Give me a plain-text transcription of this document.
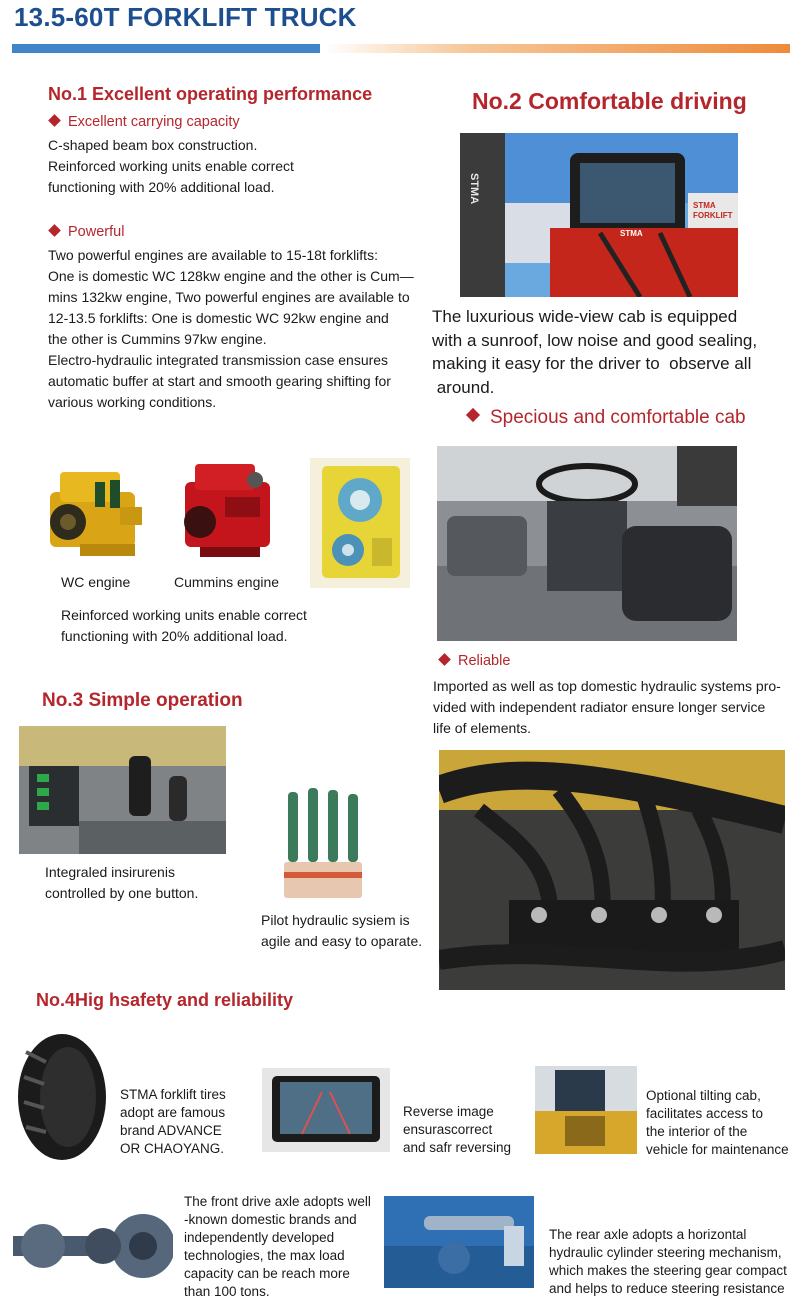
13.5-60T FORKLIFT TRUCK
No.1 Excellent operating performance
Excellent carrying capacity

C-shaped beam box construction.

Reinforced working units enable correct

functioning with 20% additional load.

Powerful

Two powerful engines are available to 15-18t forklifts:

One is domestic WC 128kw engine and the other is Cum—

mins 132kw engine, Two powerful engines are available to

12-13.5 forklifts: One is domestic WC 92kw engine and

the other is Cummins 97kw engine.

Electro-hydraulic integrated transmission case ensures

automatic buffer at start and smooth gearing shifting for

various working conditions.

WC engine	Cummins engine

Reinforced working units enable correct

functioning with 20% additional load.

No.2 Comfortable driving
STMA
FORKLIFT
STMA
STMA

The luxurious wide-view cab is equipped

with a sunroof, low noise and good sealing,

making it easy for the driver to  observe all

around.

Specious and comfortable cab
Reliable

Imported as well as top domestic hydraulic systems pro-

vided with independent radiator ensure longer service

life of elements.

No.3 Simple operation

Integraled insirurenis

controlled by one button.

Pilot hydraulic sysiem is

agile and easy to oparate.

No.4Hig hsafety and reliability

STMA forklift tires

adopt are famous

brand ADVANCE

OR CHAOYANG.

Reverse image

ensurascorrect

and safr reversing

Optional tilting cab,

facilitates access to

the interior of the

vehicle for maintenance

The front drive axle adopts well

-known domestic brands and

independently developed

technologies, the max load

capacity can be reach more

than 100 tons.

The rear axle adopts a horizontal

hydraulic cylinder steering mechanism,

which makes the steering gear compact

and helps to reduce steering resistance
